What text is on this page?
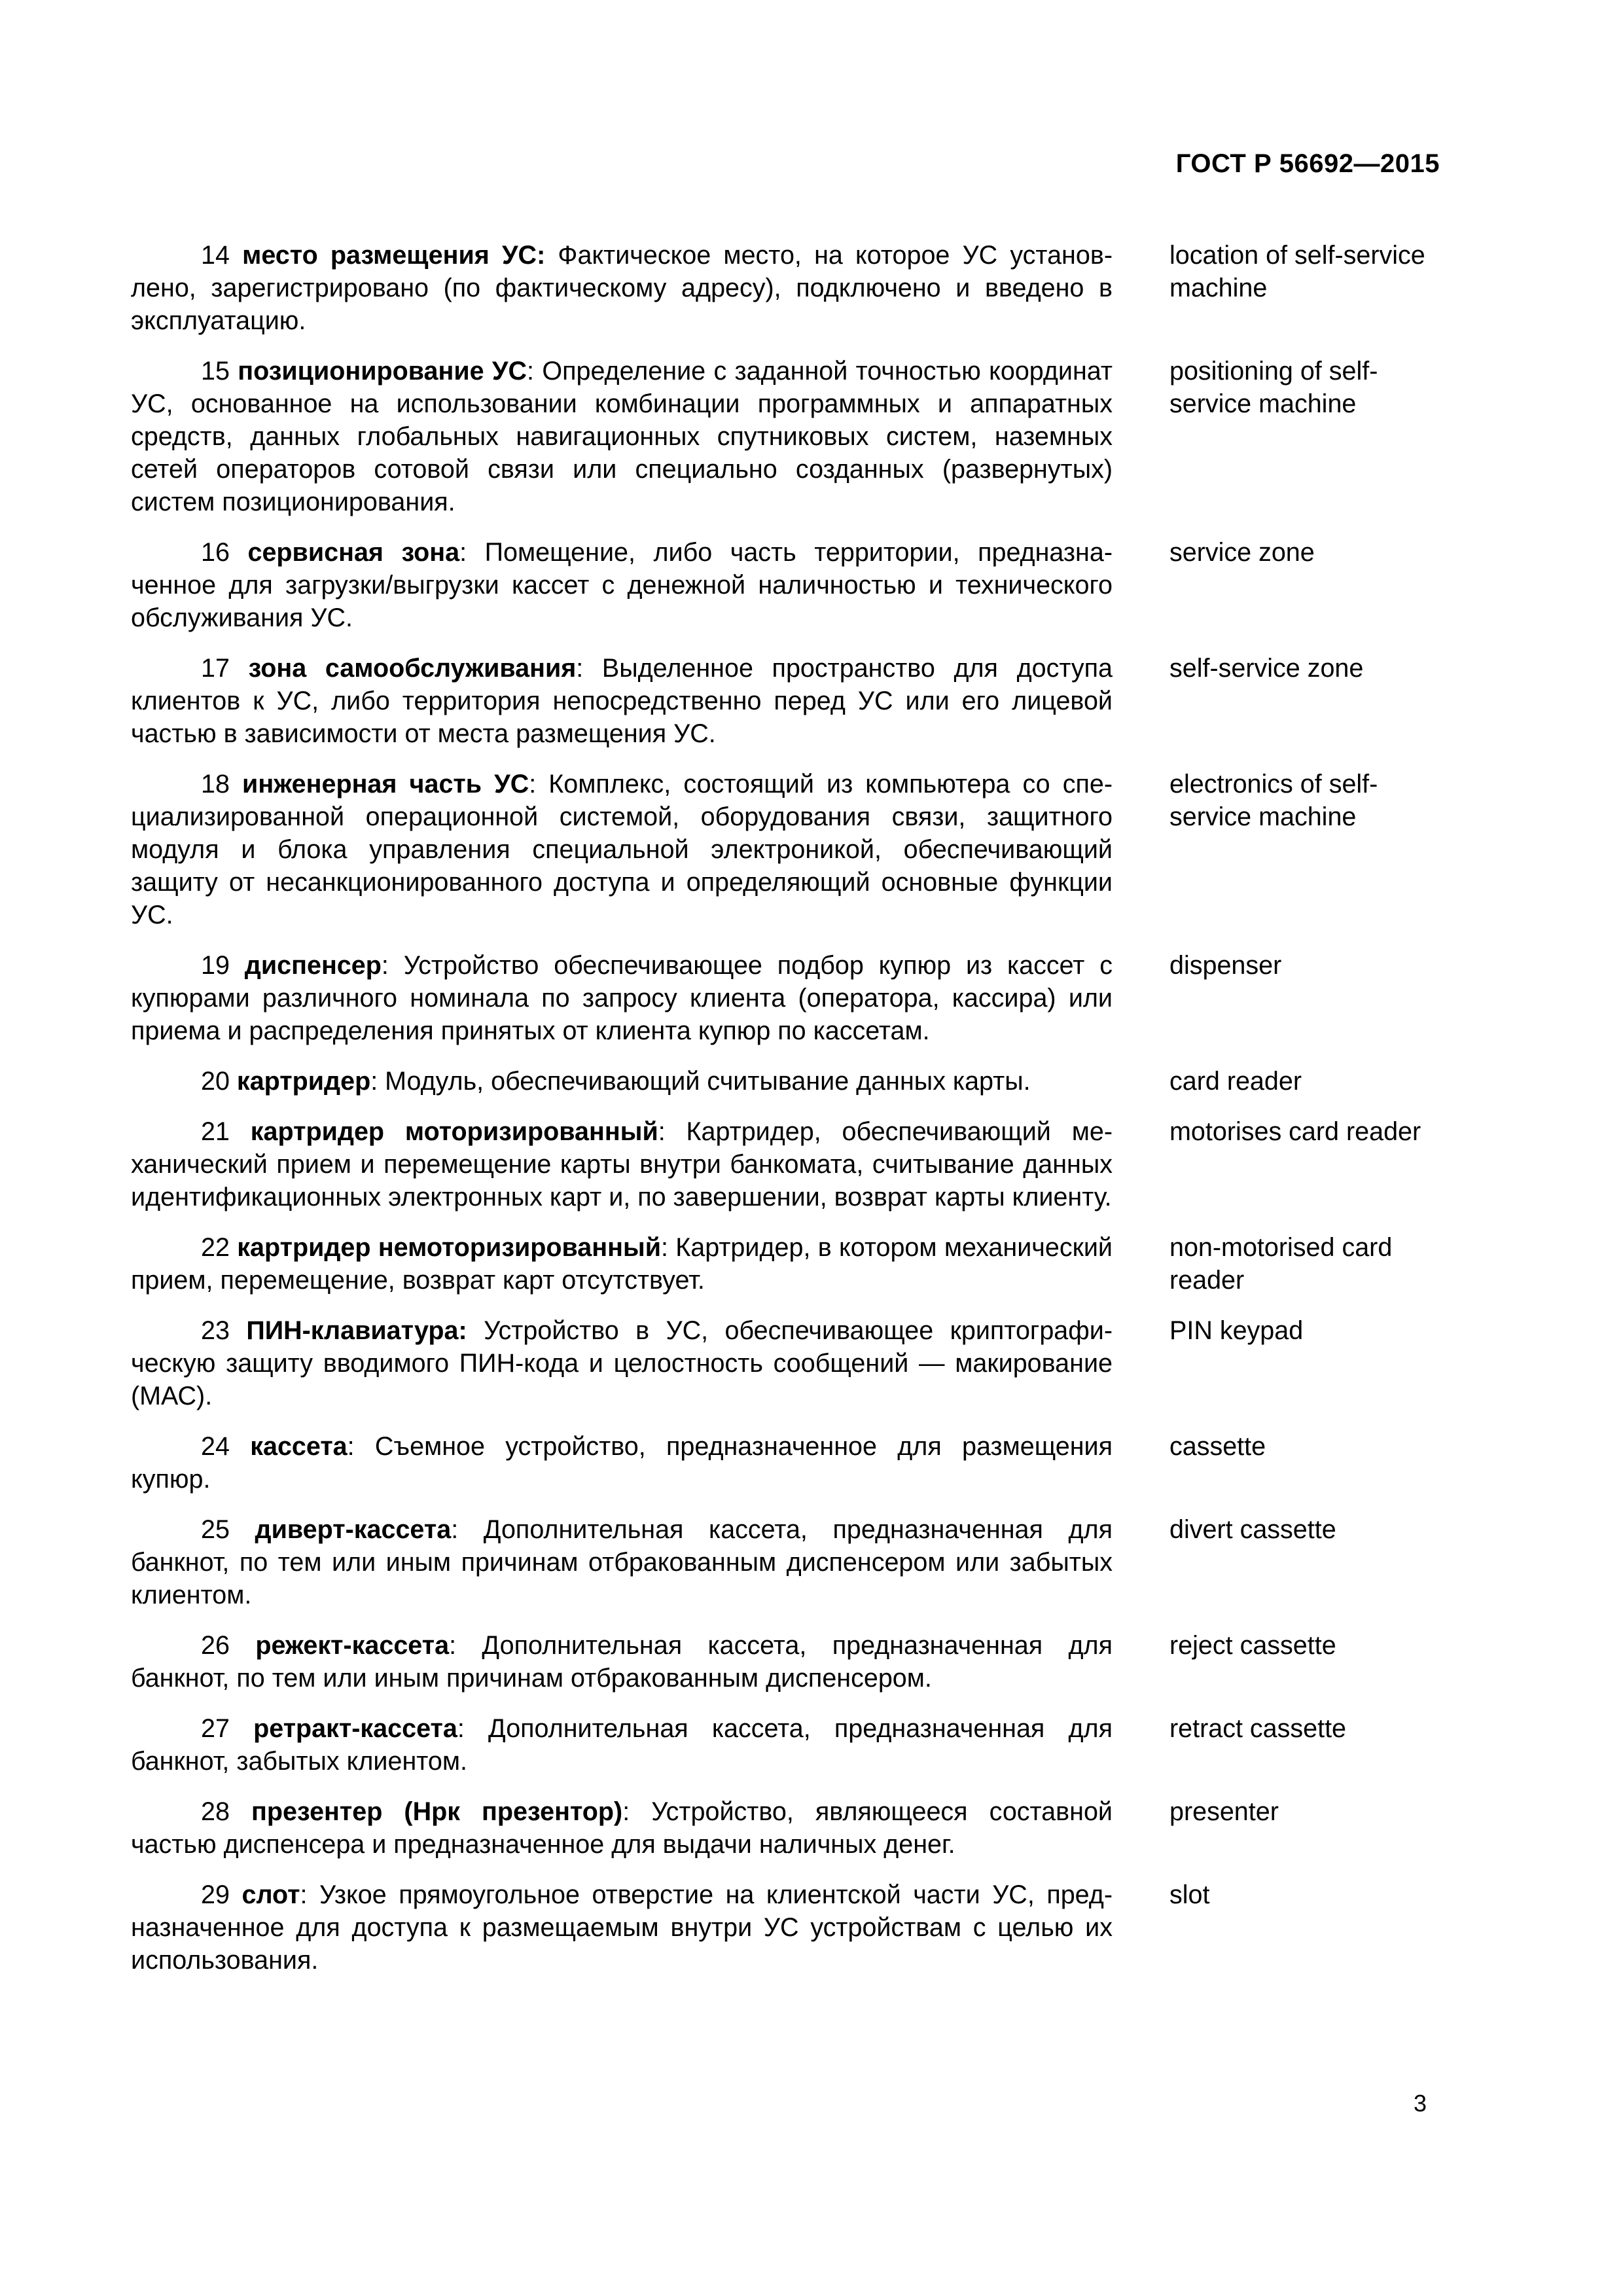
ГОСТ Р 56692—2015
14 место размещения УС: Фактическое место, на которое УС установлено, зарегистрировано (по фактическому адресу), подключено и введено в эксплуатацию.
location of self-service machine
15 позиционирование УС: Определение с заданной точностью координат УС, основанное на использовании комбинации программных и аппаратных средств, данных глобальных навигационных спутниковых систем, наземных сетей операторов сотовой связи или специально созданных (развернутых) систем позиционирования.
positioning of self-service machine
16 сервисная зона: Помещение, либо часть территории, предназначенное для загрузки/выгрузки кассет с денежной наличностью и технического обслуживания УС.
service zone
17 зона самообслуживания: Выделенное пространство для доступа клиентов к УС, либо территория непосредственно перед УС или его лицевой частью в зависимости от места размещения УС.
self-service zone
18 инженерная часть УС: Комплекс, состоящий из компьютера со специализированной операционной системой, оборудования связи, защитного модуля и блока управления специальной электроникой, обеспечивающий защиту от несанкционированного доступа и определяющий основные функции УС.
electronics of self-service machine
19 диспенсер: Устройство обеспечивающее подбор купюр из кассет с купюрами различного номинала по запросу клиента (оператора, кассира) или приема и распределения принятых от клиента купюр по кассетам.
dispenser
20 картридер: Модуль, обеспечивающий считывание данных карты.	card reader
21 картридер моторизированный: Картридер, обеспечивающий механический прием и перемещение карты внутри банкомата, считывание данных идентификационных электронных карт и, по завершении, возврат карты клиенту.
motorises card reader
22 картридер немоторизированный: Картридер, в котором механический прием, перемещение, возврат карт отсутствует.
non-motorised card reader
23 ПИН-клавиатура: Устройство в УС, обеспечивающее криптографическую защиту вводимого ПИН-кода и целостность сообщений — макирование (МАС).
PIN keypad
24 кассета: Съемное устройство, предназначенное для размещения купюр.
cassette
25 диверт-кассета: Дополнительная кассета, предназначенная для банкнот, по тем или иным причинам отбракованным диспенсером или забытых клиентом.
divert cassette
26 режект-кассета: Дополнительная кассета, предназначенная для банкнот, по тем или иным причинам отбракованным диспенсером.
reject cassette
27 ретракт-кассета: Дополнительная кассета, предназначенная для банкнот, забытых клиентом.
retract cassette
28 презентер (Нрк презентор): Устройство, являющееся составной частью диспенсера и предназначенное для выдачи наличных денег.
presenter
29 слот: Узкое прямоугольное отверстие на клиентской части УС, предназначенное для доступа к размещаемым внутри УС устройствам с целью их использования.
slot
3
